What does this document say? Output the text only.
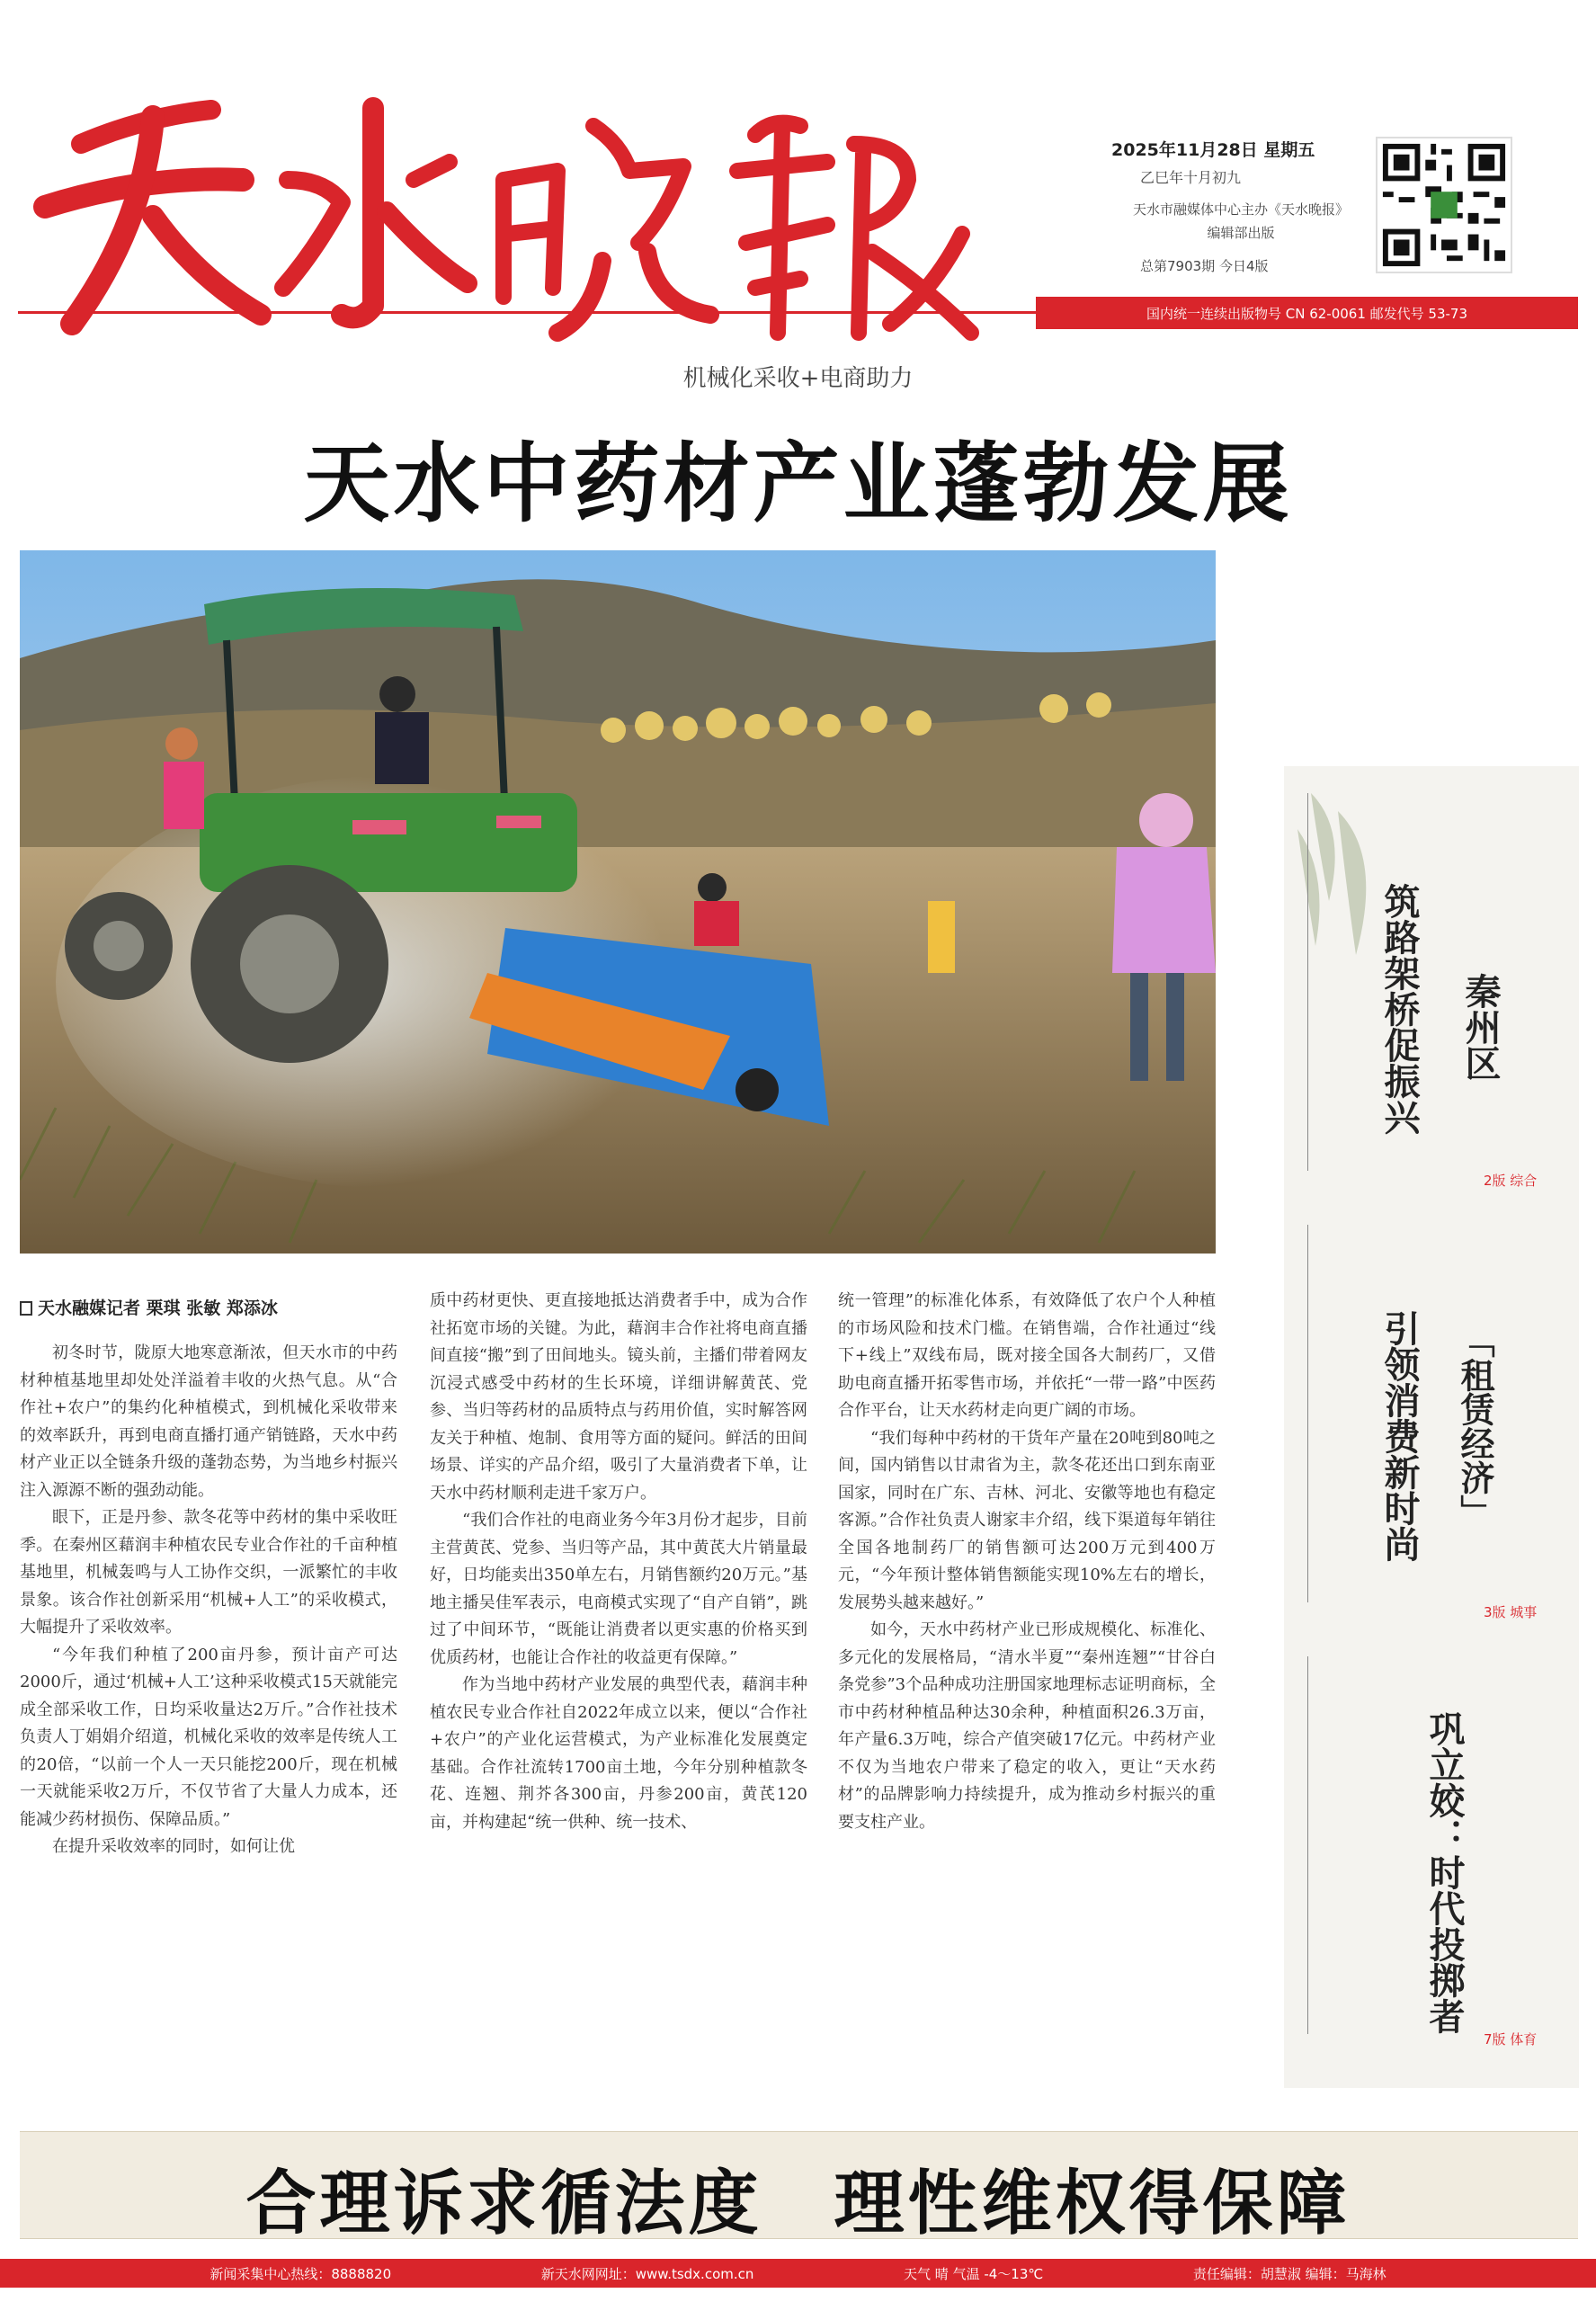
天水晚报
2025年11月28日 星期五
乙巳年十月初九
天水市融媒体中心主办《天水晚报》编辑部出版
总第7903期 今日4版
国内统一连续出版物号 CN 62-0061 邮发代号 53-73
机械化采收+电商助力
天水中药材产业蓬勃发展
天水融媒记者 栗琪 张敏 郑添冰

初冬时节，陇原大地寒意渐浓，但天水市的中药材种植基地里却处处洋溢着丰收的火热气息。从“合作社+农户”的集约化种植模式，到机械化采收带来的效率跃升，再到电商直播打通产销链路，天水中药材产业正以全链条升级的蓬勃态势，为当地乡村振兴注入源源不断的强劲动能。

眼下，正是丹参、款冬花等中药材的集中采收旺季。在秦州区藉润丰种植农民专业合作社的千亩种植基地里，机械轰鸣与人工协作交织，一派繁忙的丰收景象。该合作社创新采用“机械+人工”的采收模式，大幅提升了采收效率。

“今年我们种植了200亩丹参，预计亩产可达2000斤，通过‘机械+人工’这种采收模式15天就能完成全部采收工作，日均采收量达2万斤。”合作社技术负责人丁娟娟介绍道，机械化采收的效率是传统人工的20倍，“以前一个人一天只能挖200斤，现在机械一天就能采收2万斤，不仅节省了大量人力成本，还能减少药材损伤、保障品质。”

在提升采收效率的同时，如何让优

质中药材更快、更直接地抵达消费者手中，成为合作社拓宽市场的关键。为此，藉润丰合作社将电商直播间直接“搬”到了田间地头。镜头前，主播们带着网友沉浸式感受中药材的生长环境，详细讲解黄芪、党参、当归等药材的品质特点与药用价值，实时解答网友关于种植、炮制、食用等方面的疑问。鲜活的田间场景、详实的产品介绍，吸引了大量消费者下单，让天水中药材顺利走进千家万户。

“我们合作社的电商业务今年3月份才起步，目前主营黄芪、党参、当归等产品，其中黄芪大片销量最好，日均能卖出350单左右，月销售额约20万元。”基地主播吴佳军表示，电商模式实现了“自产自销”，跳过了中间环节，“既能让消费者以更实惠的价格买到优质药材，也能让合作社的收益更有保障。”

作为当地中药材产业发展的典型代表，藉润丰种植农民专业合作社自2022年成立以来，便以“合作社+农户”的产业化运营模式，为产业标准化发展奠定基础。合作社流转1700亩土地，今年分别种植款冬花、连翘、荆芥各300亩，丹参200亩，黄芪120亩，并构建起“统一供种、统一技术、

统一管理”的标准化体系，有效降低了农户个人种植的市场风险和技术门槛。在销售端，合作社通过“线下+线上”双线布局，既对接全国各大制药厂，又借助电商直播开拓零售市场，并依托“一带一路”中医药合作平台，让天水药材走向更广阔的市场。

“我们每种中药材的干货年产量在20吨到80吨之间，国内销售以甘肃省为主，款冬花还出口到东南亚国家，同时在广东、吉林、河北、安徽等地也有稳定客源。”合作社负责人谢家丰介绍，线下渠道每年销往全国各地制药厂的销售额可达200万元到400万元，“今年预计整体销售额能实现10%左右的增长，发展势头越来越好。”

如今，天水中药材产业已形成规模化、标准化、多元化的发展格局，“清水半夏”“秦州连翘”“甘谷白条党参”3个品种成功注册国家地理标志证明商标，全市中药材种植品种达30余种，种植面积26.3万亩，年产量6.3万吨，综合产值突破17亿元。中药材产业不仅为当地农户带来了稳定的收入，更让“天水药材”的品牌影响力持续提升，成为推动乡村振兴的重要支柱产业。

秦州区
筑路架桥促振兴
2版 综合
「租赁经济」
引领消费新时尚
3版 城事
巩立姣：时代投掷者
7版 体育
合理诉求循法度 理性维权得保障
新闻采集中心热线：8888820	新天水网网址：www.tsdx.com.cn	天气 晴 气温 -4～13℃	责任编辑：胡慧淑 编辑：马海林
